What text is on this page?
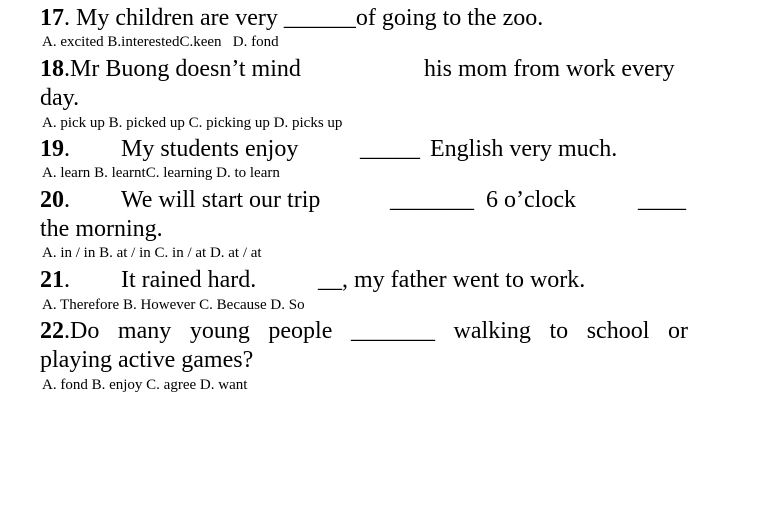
17. My children are very ______of going to the zoo.
A. excited B.interestedC.keen D. fond
18.Mr Buong doesn’t mind	his mom from work every
day.
A. pick up B. picked up C. picking up D. picks up
19. My students enjoy	_____ English very much.
A. learn B. learntC. learning D. to learn
20. We will start our trip	_______ 6 o’clock	____
the morning.
A. in / in B. at / in C. in / at D. at / at
21. It rained hard.	__ , my father went to work.
A. Therefore B. However C. Because D. So
22.Do many young people _______ walking to school or
playing active games?
A. fond B. enjoy C. agree D. want
